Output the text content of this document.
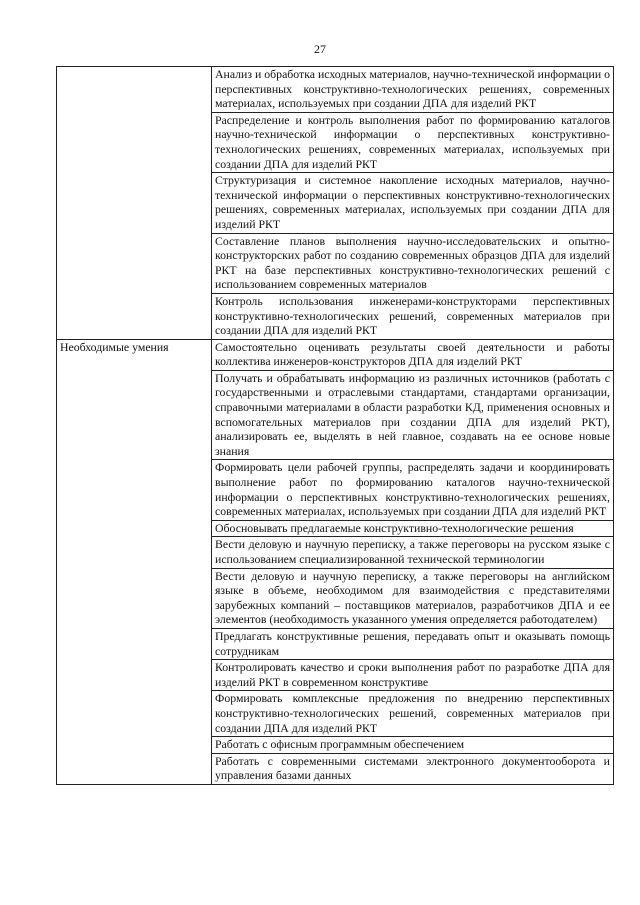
27
	Анализ и обработка исходных материалов, научно-технической информации о перспективных конструктивно-технологических решениях, современных материалах, используемых при создании ДПА для изделий РКТ
	Распределение и контроль выполнения работ по формированию каталогов научно-технической информации о перспективных конструктивно-технологических решениях, современных материалах, используемых при создании ДПА для изделий РКТ
	Структуризация и системное накопление исходных материалов, научно-технической информации о перспективных конструктивно-технологических решениях, современных материалах, используемых при создании ДПА для изделий РКТ
	Составление планов выполнения научно-исследовательских и опытно-конструкторских работ по созданию современных образцов ДПА для изделий РКТ на базе перспективных конструктивно-технологических решений с использованием современных материалов
	Контроль использования инженерами-конструкторами перспективных конструктивно-технологических решений, современных материалов при создании ДПА для изделий РКТ
Необходимые умения	Самостоятельно оценивать результаты своей деятельности и работы коллектива инженеров-конструкторов ДПА для изделий РКТ
	Получать и обрабатывать информацию из различных источников (работать с государственными и отраслевыми стандартами, стандартами организации, справочными материалами в области разработки КД, применения основных и вспомогательных материалов при создании ДПА для изделий РКТ), анализировать ее, выделять в ней главное, создавать на ее основе новые знания
	Формировать цели рабочей группы, распределять задачи и координировать выполнение работ по формированию каталогов научно-технической информации о перспективных конструктивно-технологических решениях, современных материалах, используемых при создании ДПА для изделий РКТ
	Обосновывать предлагаемые конструктивно-технологические решения
	Вести деловую и научную переписку, а также переговоры на русском языке с использованием специализированной технической терминологии
	Вести деловую и научную переписку, а также переговоры на английском языке в объеме, необходимом для взаимодействия с представителями зарубежных компаний – поставщиков материалов, разработчиков ДПА и ее элементов (необходимость указанного умения определяется работодателем)
	Предлагать конструктивные решения, передавать опыт и оказывать помощь сотрудникам
	Контролировать качество и сроки выполнения работ по разработке ДПА для изделий РКТ в современном конструктиве
	Формировать комплексные предложения по внедрению перспективных конструктивно-технологических решений, современных материалов при создании ДПА для изделий РКТ
	Работать с офисным программным обеспечением
	Работать с современными системами электронного документооборота и управления базами данных
